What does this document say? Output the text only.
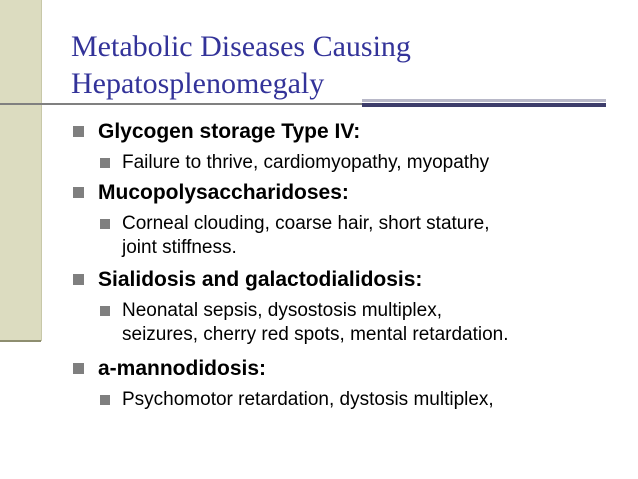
Metabolic Diseases Causing
Hepatosplenomegaly
Glycogen storage Type IV:
Failure to thrive, cardiomyopathy, myopathy
Mucopolysaccharidoses:
Corneal clouding, coarse hair, short stature,
joint stiffness.
Sialidosis and galactodialidosis:
Neonatal sepsis, dysostosis multiplex,
seizures, cherry red spots, mental retardation.
a-mannodidosis:
Psychomotor retardation, dystosis multiplex,
